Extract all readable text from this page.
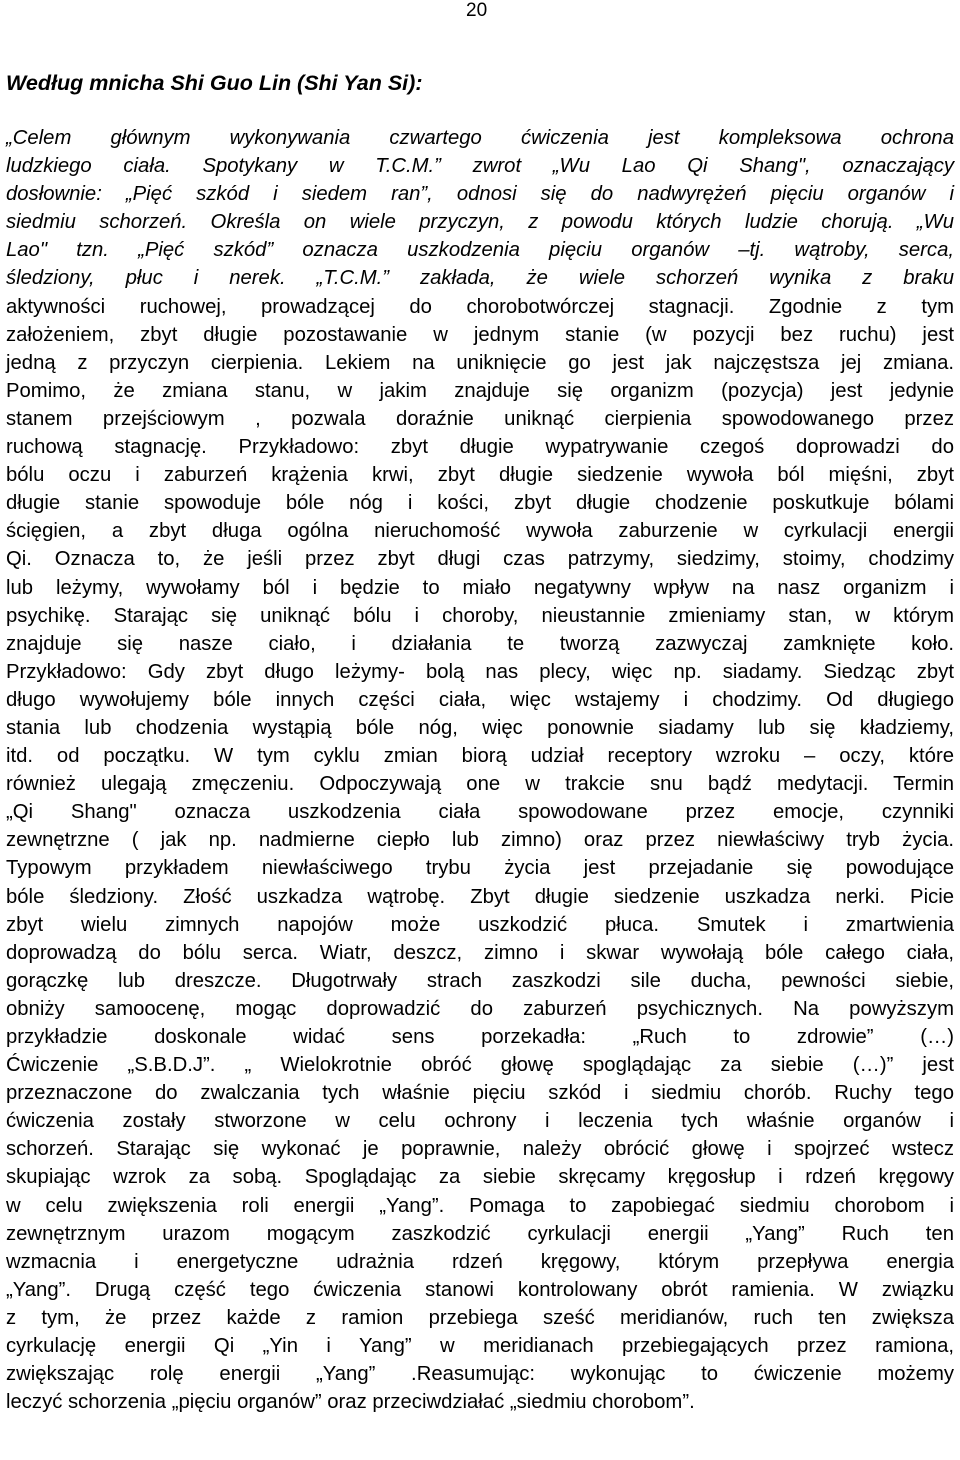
20
Według mnicha Shi Guo Lin (Shi Yan Si):
„Celem głównym wykonywania czwartego ćwiczenia jest kompleksowa ochrona
ludzkiego ciała. Spotykany w T.C.M.” zwrot „Wu Lao Qi Shang", oznaczający
dosłownie: „Pięć szkód i siedem ran”, odnosi się do nadwyrężeń pięciu organów i
siedmiu schorzeń. Określa on wiele przyczyn, z powodu których ludzie chorują. „Wu
Lao" tzn. „Pięć szkód” oznacza uszkodzenia pięciu organów –tj. wątroby, serca,
śledziony, płuc i nerek. „T.C.M.” zakłada, że wiele schorzeń wynika z braku
aktywności ruchowej, prowadzącej do chorobotwórczej stagnacji. Zgodnie z tym
założeniem, zbyt długie pozostawanie w jednym stanie (w pozycji bez ruchu) jest
jedną z przyczyn cierpienia. Lekiem na uniknięcie go jest jak najczęstsza jej zmiana.
Pomimo, że zmiana stanu, w jakim znajduje się organizm (pozycja) jest jedynie
stanem przejściowym , pozwala doraźnie uniknąć cierpienia spowodowanego przez
ruchową stagnację. Przykładowo: zbyt długie wypatrywanie czegoś doprowadzi do
bólu oczu i zaburzeń krążenia krwi, zbyt długie siedzenie wywoła ból mięśni, zbyt
długie stanie spowoduje bóle nóg i kości, zbyt długie chodzenie poskutkuje bólami
ścięgien, a zbyt długa ogólna nieruchomość wywoła zaburzenie w cyrkulacji energii
Qi. Oznacza to, że jeśli przez zbyt długi czas patrzymy, siedzimy, stoimy, chodzimy
lub leżymy, wywołamy ból i będzie to miało negatywny wpływ na nasz organizm i
psychikę. Starając się uniknąć bólu i choroby, nieustannie zmieniamy stan, w którym
znajduje się nasze ciało, i działania te tworzą zazwyczaj zamknięte koło.
Przykładowo: Gdy zbyt długo leżymy- bolą nas plecy, więc np. siadamy. Siedząc zbyt
długo wywołujemy bóle innych części ciała, więc wstajemy i chodzimy. Od długiego
stania lub chodzenia wystąpią bóle nóg, więc ponownie siadamy lub się kładziemy,
itd. od początku. W tym cyklu zmian biorą udział receptory wzroku – oczy, które
również ulegają zmęczeniu. Odpoczywają one w trakcie snu bądź medytacji. Termin
„Qi Shang" oznacza uszkodzenia ciała spowodowane przez emocje, czynniki
zewnętrzne ( jak np. nadmierne ciepło lub zimno) oraz przez niewłaściwy tryb życia.
Typowym przykładem niewłaściwego trybu życia jest przejadanie się powodujące
bóle śledziony. Złość uszkadza wątrobę. Zbyt długie siedzenie uszkadza nerki. Picie
zbyt wielu zimnych napojów może uszkodzić płuca. Smutek i zmartwienia
doprowadzą do bólu serca. Wiatr, deszcz, zimno i skwar wywołają bóle całego ciała,
gorączkę lub dreszcze. Długotrwały strach zaszkodzi sile ducha, pewności siebie,
obniży samoocenę, mogąc doprowadzić do zaburzeń psychicznych. Na powyższym
przykładzie doskonale widać sens porzekadła: „Ruch to zdrowie” (…)
Ćwiczenie „S.B.D.J”. „ Wielokrotnie obróć głowę spoglądając za siebie (…)” jest
przeznaczone do zwalczania tych właśnie pięciu szkód i siedmiu chorób. Ruchy tego
ćwiczenia zostały stworzone w celu ochrony i leczenia tych właśnie organów i
schorzeń. Starając się wykonać je poprawnie, należy obrócić głowę i spojrzeć wstecz
skupiając wzrok za sobą. Spoglądając za siebie skręcamy kręgosłup i rdzeń kręgowy
w celu zwiększenia roli energii „Yang”. Pomaga to zapobiegać siedmiu chorobom i
zewnętrznym urazom mogącym zaszkodzić cyrkulacji energii „Yang” Ruch ten
wzmacnia i energetyczne udrażnia rdzeń kręgowy, którym przepływa energia
„Yang”. Drugą część tego ćwiczenia stanowi kontrolowany obrót ramienia. W związku
z tym, że przez każde z ramion przebiega sześć meridianów, ruch ten zwiększa
cyrkulację energii Qi „Yin i Yang” w meridianach przebiegających przez ramiona,
zwiększając rolę energii „Yang” .Reasumując: wykonując to ćwiczenie możemy
leczyć schorzenia „pięciu organów” oraz przeciwdziałać „siedmiu chorobom”.
